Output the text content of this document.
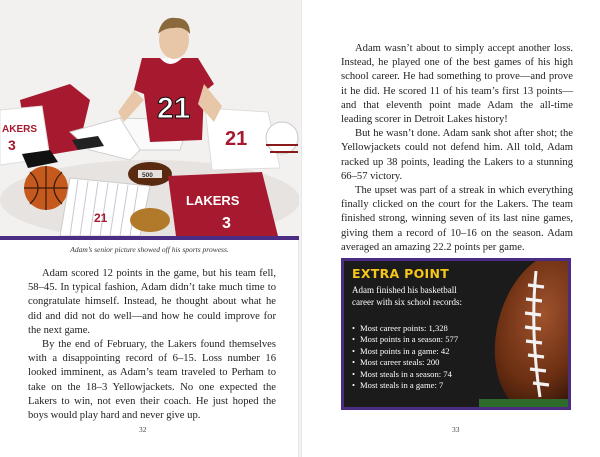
AKERS
3	21
21
500
21
LAKERS
3
Adam’s senior picture showed off his sports prowess.

Adam scored 12 points in the game, but his team fell, 58–45. In typical fashion, Adam didn’t take much time to congratulate himself. Instead, he thought about what he did and did not do well—and how he could improve for the next game.

By the end of February, the Lakers found themselves with a disappointing record of 6–15. Loss number 16 looked imminent, as Adam’s team traveled to Perham to take on the 18–3 Yellowjackets. No one expected the Lakers to win, not even their coach. He just hoped the boys would play hard and never give up.

32

Adam wasn’t about to simply accept another loss. Instead, he played one of the best games of his high school career. He had something to prove—and prove it he did. He scored 11 of his team’s first 13 points—and that eleventh point made Adam the all-time leading scorer in Detroit Lakes history!

But he wasn’t done. Adam sank shot after shot; the Yellowjackets could not defend him. All told, Adam racked up 38 points, leading the Lakers to a stunning 66–57 victory.

The upset was part of a streak in which everything finally clicked on the court for the Lakers. The team finished strong, winning seven of its last nine games, giving them a record of 10–16 on the season. Adam averaged an amazing 22.2 points per game.

EXTRA POINT
Adam finished his basketball career with six school records:
• Most career points: 1,328
• Most points in a season: 577
• Most points in a game: 42
• Most career steals: 200
• Most steals in a season: 74
• Most steals in a game: 7
33
